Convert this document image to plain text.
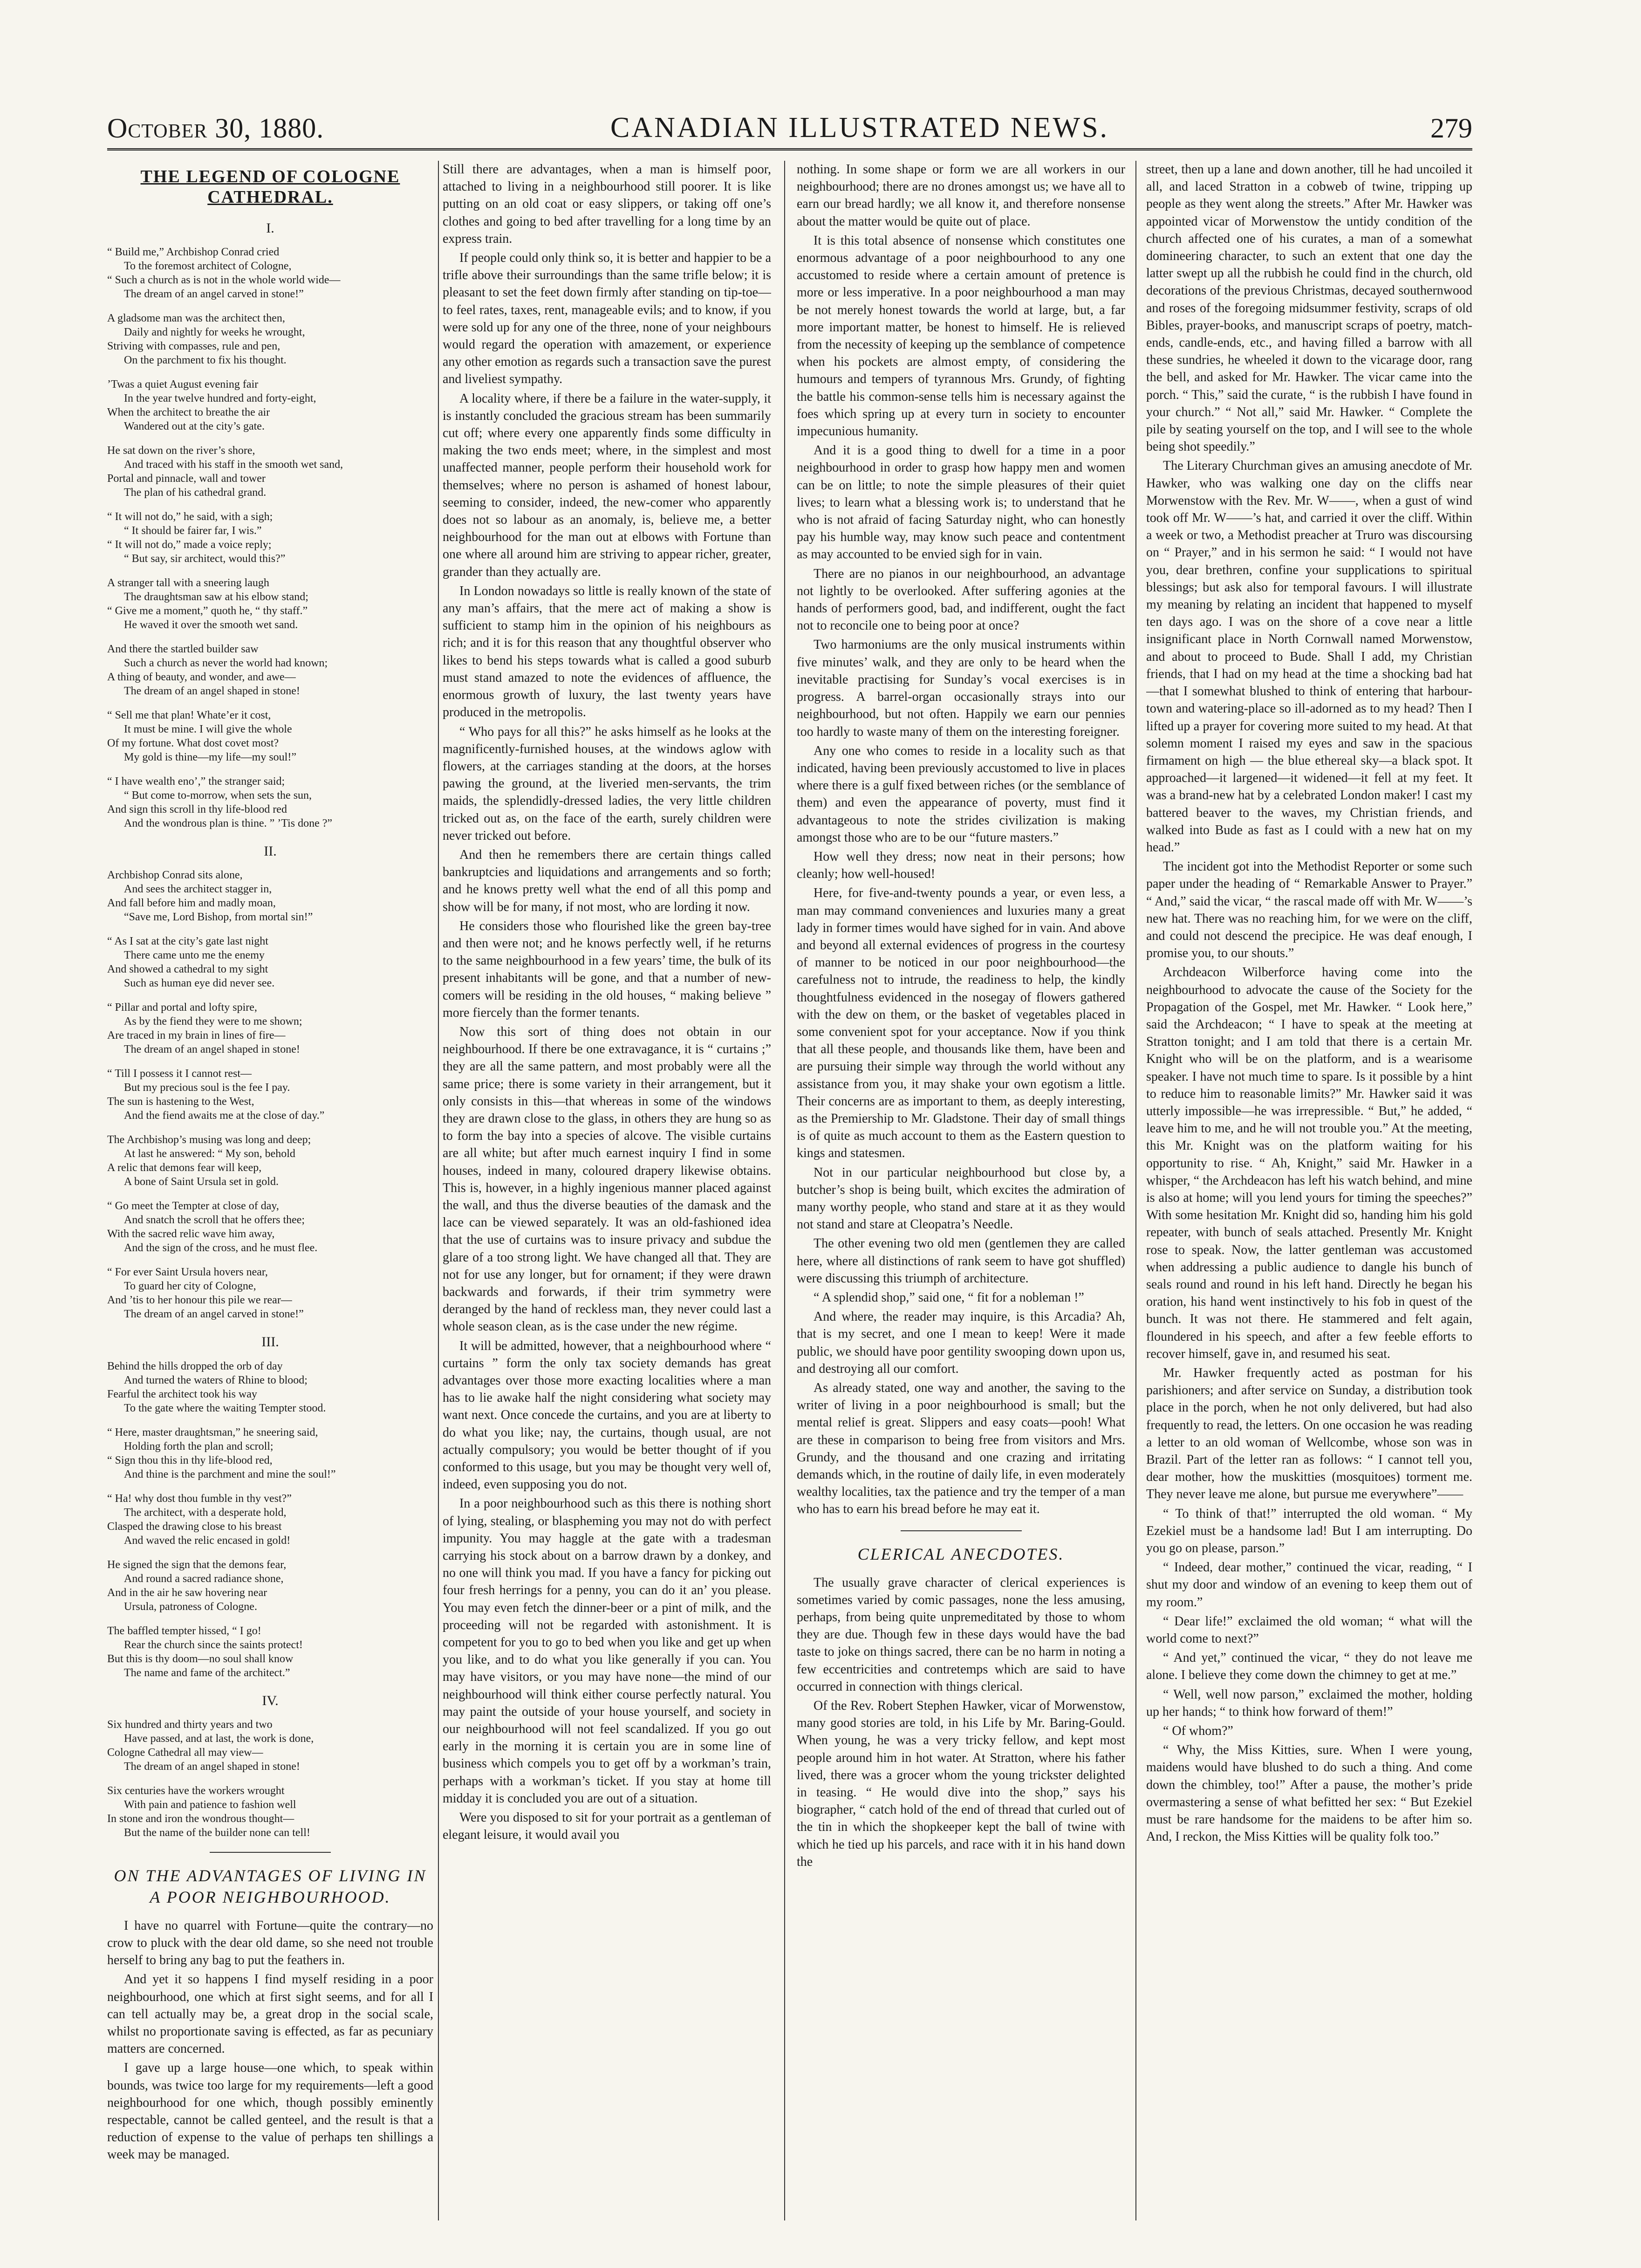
October 30, 1880.	CANADIAN ILLUSTRATED NEWS.	279
THE LEGEND OF COLOGNE CATHEDRAL.
I.
“ Build me,” Archbishop Conrad cried
To the foremost architect of Cologne,
“ Such a church as is not in the whole world wide—
The dream of an angel carved in stone!”
A gladsome man was the architect then,
Daily and nightly for weeks he wrought,
Striving with compasses, rule and pen,
On the parchment to fix his thought.
’Twas a quiet August evening fair
In the year twelve hundred and forty-eight,
When the architect to breathe the air
Wandered out at the city’s gate.
He sat down on the river’s shore,
And traced with his staff in the smooth wet sand,
Portal and pinnacle, wall and tower
The plan of his cathedral grand.
“ It will not do,” he said, with a sigh;
“ It should be fairer far, I wis.”
“ It will not do,” made a voice reply;
“ But say, sir architect, would this?”
A stranger tall with a sneering laugh
The draughtsman saw at his elbow stand;
“ Give me a moment,” quoth he, “ thy staff.”
He waved it over the smooth wet sand.
And there the startled builder saw
Such a church as never the world had known;
A thing of beauty, and wonder, and awe—
The dream of an angel shaped in stone!
“ Sell me that plan! Whate’er it cost,
It must be mine. I will give the whole
Of my fortune. What dost covet most?
My gold is thine—my life—my soul!”
“ I have wealth eno’,” the stranger said;
“ But come to-morrow, when sets the sun,
And sign this scroll in thy life-blood red
And the wondrous plan is thine. ” ’Tis done ?”
II.
Archbishop Conrad sits alone,
And sees the architect stagger in,
And fall before him and madly moan,
“Save me, Lord Bishop, from mortal sin!”
“ As I sat at the city’s gate last night
There came unto me the enemy
And showed a cathedral to my sight
Such as human eye did never see.
“ Pillar and portal and lofty spire,
As by the fiend they were to me shown;
Are traced in my brain in lines of fire—
The dream of an angel shaped in stone!
“ Till I possess it I cannot rest—
But my precious soul is the fee I pay.
The sun is hastening to the West,
And the fiend awaits me at the close of day.”
The Archbishop’s musing was long and deep;
At last he answered: “ My son, behold
A relic that demons fear will keep,
A bone of Saint Ursula set in gold.
“ Go meet the Tempter at close of day,
And snatch the scroll that he offers thee;
With the sacred relic wave him away,
And the sign of the cross, and he must flee.
“ For ever Saint Ursula hovers near,
To guard her city of Cologne,
And ’tis to her honour this pile we rear—
The dream of an angel carved in stone!”
III.
Behind the hills dropped the orb of day
And turned the waters of Rhine to blood;
Fearful the architect took his way
To the gate where the waiting Tempter stood.
“ Here, master draughtsman,” he sneering said,
Holding forth the plan and scroll;
“ Sign thou this in thy life-blood red,
And thine is the parchment and mine the soul!”
“ Ha! why dost thou fumble in thy vest?”
The architect, with a desperate hold,
Clasped the drawing close to his breast
And waved the relic encased in gold!
He signed the sign that the demons fear,
And round a sacred radiance shone,
And in the air he saw hovering near
Ursula, patroness of Cologne.
The baffled tempter hissed, “ I go!
Rear the church since the saints protect!
But this is thy doom—no soul shall know
The name and fame of the architect.”
IV.
Six hundred and thirty years and two
Have passed, and at last, the work is done,
Cologne Cathedral all may view—
The dream of an angel shaped in stone!
Six centuries have the workers wrought
With pain and patience to fashion well
In stone and iron the wondrous thought—
But the name of the builder none can tell!
ON THE ADVANTAGES OF LIVING IN A POOR NEIGHBOURHOOD.

I have no quarrel with Fortune—quite the contrary—no crow to pluck with the dear old dame, so she need not trouble herself to bring any bag to put the feathers in.

And yet it so happens I find myself residing in a poor neighbourhood, one which at first sight seems, and for all I can tell actually may be, a great drop in the social scale, whilst no proportionate saving is effected, as far as pecuniary matters are concerned.

I gave up a large house—one which, to speak within bounds, was twice too large for my requirements—left a good neighbourhood for one which, though possibly eminently respectable, cannot be called genteel, and the result is that a reduction of expense to the value of perhaps ten shillings a week may be managed.

Still there are advantages, when a man is himself poor, attached to living in a neighbourhood still poorer. It is like putting on an old coat or easy slippers, or taking off one’s clothes and going to bed after travelling for a long time by an express train.

If people could only think so, it is better and happier to be a trifle above their surroundings than the same trifle below; it is pleasant to set the feet down firmly after standing on tip-toe—to feel rates, taxes, rent, manageable evils; and to know, if you were sold up for any one of the three, none of your neighbours would regard the operation with amazement, or experience any other emotion as regards such a transaction save the purest and liveliest sympathy.

A locality where, if there be a failure in the water-supply, it is instantly concluded the gracious stream has been summarily cut off; where every one apparently finds some difficulty in making the two ends meet; where, in the simplest and most unaffected manner, people perform their household work for themselves; where no person is ashamed of honest labour, seeming to consider, indeed, the new-comer who apparently does not so labour as an anomaly, is, believe me, a better neighbourhood for the man out at elbows with Fortune than one where all around him are striving to appear richer, greater, grander than they actually are.

In London nowadays so little is really known of the state of any man’s affairs, that the mere act of making a show is sufficient to stamp him in the opinion of his neighbours as rich; and it is for this reason that any thoughtful observer who likes to bend his steps towards what is called a good suburb must stand amazed to note the evidences of affluence, the enormous growth of luxury, the last twenty years have produced in the metropolis.

“ Who pays for all this?” he asks himself as he looks at the magnificently-furnished houses, at the windows aglow with flowers, at the carriages standing at the doors, at the horses pawing the ground, at the liveried men-servants, the trim maids, the splendidly-dressed ladies, the very little children tricked out as, on the face of the earth, surely children were never tricked out before.

And then he remembers there are certain things called bankruptcies and liquidations and arrangements and so forth; and he knows pretty well what the end of all this pomp and show will be for many, if not most, who are lording it now.

He considers those who flourished like the green bay-tree and then were not; and he knows perfectly well, if he returns to the same neighbourhood in a few years’ time, the bulk of its present inhabitants will be gone, and that a number of new-comers will be residing in the old houses, “ making believe ” more fiercely than the former tenants.

Now this sort of thing does not obtain in our neighbourhood. If there be one extravagance, it is “ curtains ;” they are all the same pattern, and most probably were all the same price; there is some variety in their arrangement, but it only consists in this—that whereas in some of the windows they are drawn close to the glass, in others they are hung so as to form the bay into a species of alcove. The visible curtains are all white; but after much earnest inquiry I find in some houses, indeed in many, coloured drapery likewise obtains. This is, however, in a highly ingenious manner placed against the wall, and thus the diverse beauties of the damask and the lace can be viewed separately. It was an old-fashioned idea that the use of curtains was to insure privacy and subdue the glare of a too strong light. We have changed all that. They are not for use any longer, but for ornament; if they were drawn backwards and forwards, if their trim symmetry were deranged by the hand of reckless man, they never could last a whole season clean, as is the case under the new régime.

It will be admitted, however, that a neighbourhood where “ curtains ” form the only tax society demands has great advantages over those more exacting localities where a man has to lie awake half the night considering what society may want next. Once concede the curtains, and you are at liberty to do what you like; nay, the curtains, though usual, are not actually compulsory; you would be better thought of if you conformed to this usage, but you may be thought very well of, indeed, even supposing you do not.

In a poor neighbourhood such as this there is nothing short of lying, stealing, or blaspheming you may not do with perfect impunity. You may haggle at the gate with a tradesman carrying his stock about on a barrow drawn by a donkey, and no one will think you mad. If you have a fancy for picking out four fresh herrings for a penny, you can do it an’ you please. You may even fetch the dinner-beer or a pint of milk, and the proceeding will not be regarded with astonishment. It is competent for you to go to bed when you like and get up when you like, and to do what you like generally if you can. You may have visitors, or you may have none—the mind of our neighbourhood will think either course perfectly natural. You may paint the outside of your house yourself, and society in our neighbourhood will not feel scandalized. If you go out early in the morning it is certain you are in some line of business which compels you to get off by a workman’s train, perhaps with a workman’s ticket. If you stay at home till midday it is concluded you are out of a situation.

Were you disposed to sit for your portrait as a gentleman of elegant leisure, it would avail you

nothing. In some shape or form we are all workers in our neighbourhood; there are no drones amongst us; we have all to earn our bread hardly; we all know it, and therefore nonsense about the matter would be quite out of place.

It is this total absence of nonsense which constitutes one enormous advantage of a poor neighbourhood to any one accustomed to reside where a certain amount of pretence is more or less imperative. In a poor neighbourhood a man may be not merely honest towards the world at large, but, a far more important matter, be honest to himself. He is relieved from the necessity of keeping up the semblance of competence when his pockets are almost empty, of considering the humours and tempers of tyrannous Mrs. Grundy, of fighting the battle his common-sense tells him is necessary against the foes which spring up at every turn in society to encounter impecunious humanity.

And it is a good thing to dwell for a time in a poor neighbourhood in order to grasp how happy men and women can be on little; to note the simple pleasures of their quiet lives; to learn what a blessing work is; to understand that he who is not afraid of facing Saturday night, who can honestly pay his humble way, may know such peace and contentment as may accounted to be envied sigh for in vain.

There are no pianos in our neighbourhood, an advantage not lightly to be overlooked. After suffering agonies at the hands of performers good, bad, and indifferent, ought the fact not to reconcile one to being poor at once?

Two harmoniums are the only musical instruments within five minutes’ walk, and they are only to be heard when the inevitable practising for Sunday’s vocal exercises is in progress. A barrel-organ occasionally strays into our neighbourhood, but not often. Happily we earn our pennies too hardly to waste many of them on the interesting foreigner.

Any one who comes to reside in a locality such as that indicated, having been previously accustomed to live in places where there is a gulf fixed between riches (or the semblance of them) and even the appearance of poverty, must find it advantageous to note the strides civilization is making amongst those who are to be our “future masters.”

How well they dress; now neat in their persons; how cleanly; how well-housed!

Here, for five-and-twenty pounds a year, or even less, a man may command conveniences and luxuries many a great lady in former times would have sighed for in vain. And above and beyond all external evidences of progress in the courtesy of manner to be noticed in our poor neighbourhood—the carefulness not to intrude, the readiness to help, the kindly thoughtfulness evidenced in the nosegay of flowers gathered with the dew on them, or the basket of vegetables placed in some convenient spot for your acceptance. Now if you think that all these people, and thousands like them, have been and are pursuing their simple way through the world without any assistance from you, it may shake your own egotism a little. Their concerns are as important to them, as deeply interesting, as the Premiership to Mr. Gladstone. Their day of small things is of quite as much account to them as the Eastern question to kings and statesmen.

Not in our particular neighbourhood but close by, a butcher’s shop is being built, which excites the admiration of many worthy people, who stand and stare at it as they would not stand and stare at Cleopatra’s Needle.

The other evening two old men (gentlemen they are called here, where all distinctions of rank seem to have got shuffled) were discussing this triumph of architecture.

“ A splendid shop,” said one, “ fit for a nobleman !”

And where, the reader may inquire, is this Arcadia? Ah, that is my secret, and one I mean to keep! Were it made public, we should have poor gentility swooping down upon us, and destroying all our comfort.

As already stated, one way and another, the saving to the writer of living in a poor neighbourhood is small; but the mental relief is great. Slippers and easy coats—pooh! What are these in comparison to being free from visitors and Mrs. Grundy, and the thousand and one crazing and irritating demands which, in the routine of daily life, in even moderately wealthy localities, tax the patience and try the temper of a man who has to earn his bread before he may eat it.

CLERICAL ANECDOTES.

The usually grave character of clerical experiences is sometimes varied by comic passages, none the less amusing, perhaps, from being quite unpremeditated by those to whom they are due. Though few in these days would have the bad taste to joke on things sacred, there can be no harm in noting a few eccentricities and contretemps which are said to have occurred in connection with things clerical.

Of the Rev. Robert Stephen Hawker, vicar of Morwenstow, many good stories are told, in his Life by Mr. Baring-Gould. When young, he was a very tricky fellow, and kept most people around him in hot water. At Stratton, where his father lived, there was a grocer whom the young trickster delighted in teasing. “ He would dive into the shop,” says his biographer, “ catch hold of the end of thread that curled out of the tin in which the shopkeeper kept the ball of twine with which he tied up his parcels, and race with it in his hand down the

street, then up a lane and down another, till he had uncoiled it all, and laced Stratton in a cobweb of twine, tripping up people as they went along the streets.” After Mr. Hawker was appointed vicar of Morwenstow the untidy condition of the church affected one of his curates, a man of a somewhat domineering character, to such an extent that one day the latter swept up all the rubbish he could find in the church, old decorations of the previous Christmas, decayed southernwood and roses of the foregoing midsummer festivity, scraps of old Bibles, prayer-books, and manuscript scraps of poetry, match-ends, candle-ends, etc., and having filled a barrow with all these sundries, he wheeled it down to the vicarage door, rang the bell, and asked for Mr. Hawker. The vicar came into the porch. “ This,” said the curate, “ is the rubbish I have found in your church.” “ Not all,” said Mr. Hawker. “ Complete the pile by seating yourself on the top, and I will see to the whole being shot speedily.”

The Literary Churchman gives an amusing anecdote of Mr. Hawker, who was walking one day on the cliffs near Morwenstow with the Rev. Mr. W——, when a gust of wind took off Mr. W——’s hat, and carried it over the cliff. Within a week or two, a Methodist preacher at Truro was discoursing on “ Prayer,” and in his sermon he said: “ I would not have you, dear brethren, confine your supplications to spiritual blessings; but ask also for temporal favours. I will illustrate my meaning by relating an incident that happened to myself ten days ago. I was on the shore of a cove near a little insignificant place in North Cornwall named Morwenstow, and about to proceed to Bude. Shall I add, my Christian friends, that I had on my head at the time a shocking bad hat—that I somewhat blushed to think of entering that harbour-town and watering-place so ill-adorned as to my head? Then I lifted up a prayer for covering more suited to my head. At that solemn moment I raised my eyes and saw in the spacious firmament on high — the blue ethereal sky—a black spot. It approached—it largened—it widened—it fell at my feet. It was a brand-new hat by a celebrated London maker! I cast my battered beaver to the waves, my Christian friends, and walked into Bude as fast as I could with a new hat on my head.”

The incident got into the Methodist Reporter or some such paper under the heading of “ Remarkable Answer to Prayer.” “ And,” said the vicar, “ the rascal made off with Mr. W——’s new hat. There was no reaching him, for we were on the cliff, and could not descend the precipice. He was deaf enough, I promise you, to our shouts.”

Archdeacon Wilberforce having come into the neighbourhood to advocate the cause of the Society for the Propagation of the Gospel, met Mr. Hawker. “ Look here,” said the Archdeacon; “ I have to speak at the meeting at Stratton tonight; and I am told that there is a certain Mr. Knight who will be on the platform, and is a wearisome speaker. I have not much time to spare. Is it possible by a hint to reduce him to reasonable limits?” Mr. Hawker said it was utterly impossible—he was irrepressible. “ But,” he added, “ leave him to me, and he will not trouble you.” At the meeting, this Mr. Knight was on the platform waiting for his opportunity to rise. “ Ah, Knight,” said Mr. Hawker in a whisper, “ the Archdeacon has left his watch behind, and mine is also at home; will you lend yours for timing the speeches?” With some hesitation Mr. Knight did so, handing him his gold repeater, with bunch of seals attached. Presently Mr. Knight rose to speak. Now, the latter gentleman was accustomed when addressing a public audience to dangle his bunch of seals round and round in his left hand. Directly he began his oration, his hand went instinctively to his fob in quest of the bunch. It was not there. He stammered and felt again, floundered in his speech, and after a few feeble efforts to recover himself, gave in, and resumed his seat.

Mr. Hawker frequently acted as postman for his parishioners; and after service on Sunday, a distribution took place in the porch, when he not only delivered, but had also frequently to read, the letters. On one occasion he was reading a letter to an old woman of Wellcombe, whose son was in Brazil. Part of the letter ran as follows: “ I cannot tell you, dear mother, how the muskitties (mosquitoes) torment me. They never leave me alone, but pursue me everywhere”——

“ To think of that!” interrupted the old woman. “ My Ezekiel must be a handsome lad! But I am interrupting. Do you go on please, parson.”

“ Indeed, dear mother,” continued the vicar, reading, “ I shut my door and window of an evening to keep them out of my room.”

“ Dear life!” exclaimed the old woman; “ what will the world come to next?”

“ And yet,” continued the vicar, “ they do not leave me alone. I believe they come down the chimney to get at me.”

“ Well, well now parson,” exclaimed the mother, holding up her hands; “ to think how forward of them!”

“ Of whom?”

“ Why, the Miss Kitties, sure. When I were young, maidens would have blushed to do such a thing. And come down the chimbley, too!” After a pause, the mother’s pride overmastering a sense of what befitted her sex: “ But Ezekiel must be rare handsome for the maidens to be after him so. And, I reckon, the Miss Kitties will be quality folk too.”
